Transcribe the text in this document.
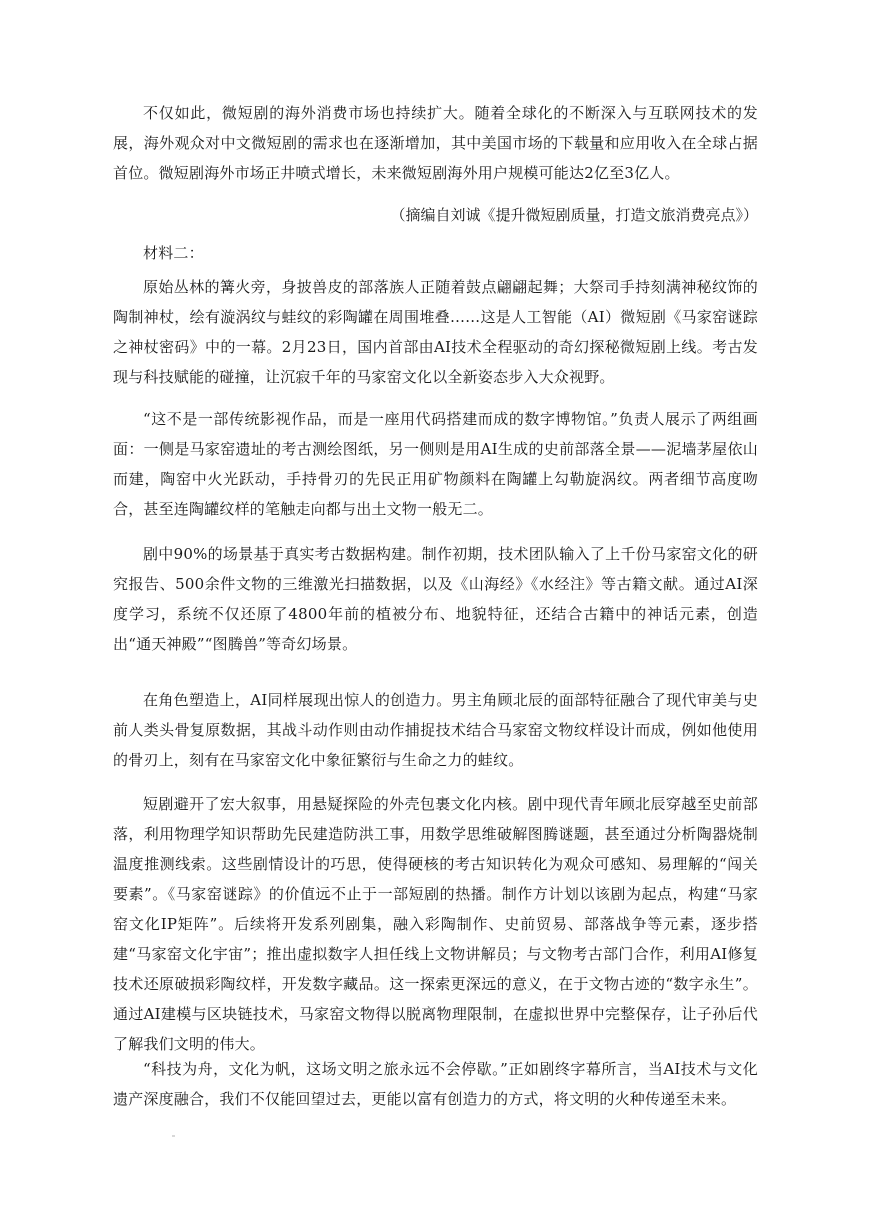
不仅如此，微短剧的海外消费市场也持续扩大。随着全球化的不断深入与互联网技术的发展，海外观众对中文微短剧的需求也在逐渐增加，其中美国市场的下载量和应用收入在全球占据首位。微短剧海外市场正井喷式增长，未来微短剧海外用户规模可能达2亿至3亿人。

（摘编自刘诚《提升微短剧质量，打造文旅消费亮点》）

材料二：

原始丛林的篝火旁，身披兽皮的部落族人正随着鼓点翩翩起舞；大祭司手持刻满神秘纹饰的陶制神杖，绘有漩涡纹与蛙纹的彩陶罐在周围堆叠……这是人工智能（AI）微短剧《马家窑谜踪之神杖密码》中的一幕。2月23日，国内首部由AI技术全程驱动的奇幻探秘微短剧上线。考古发现与科技赋能的碰撞，让沉寂千年的马家窑文化以全新姿态步入大众视野。

“这不是一部传统影视作品，而是一座用代码搭建而成的数字博物馆。”负责人展示了两组画面：一侧是马家窑遗址的考古测绘图纸，另一侧则是用AI生成的史前部落全景——泥墙茅屋依山而建，陶窑中火光跃动，手持骨刃的先民正用矿物颜料在陶罐上勾勒旋涡纹。两者细节高度吻合，甚至连陶罐纹样的笔触走向都与出土文物一般无二。

剧中90%的场景基于真实考古数据构建。制作初期，技术团队输入了上千份马家窑文化的研究报告、500余件文物的三维激光扫描数据，以及《山海经》《水经注》等古籍文献。通过AI深度学习，系统不仅还原了4800年前的植被分布、地貌特征，还结合古籍中的神话元素，创造出“通天神殿”“图腾兽”等奇幻场景。

在角色塑造上，AI同样展现出惊人的创造力。男主角顾北辰的面部特征融合了现代审美与史前人类头骨复原数据，其战斗动作则由动作捕捉技术结合马家窑文物纹样设计而成，例如他使用的骨刃上，刻有在马家窑文化中象征繁衍与生命之力的蛙纹。

短剧避开了宏大叙事，用悬疑探险的外壳包裹文化内核。剧中现代青年顾北辰穿越至史前部落，利用物理学知识帮助先民建造防洪工事，用数学思维破解图腾谜题，甚至通过分析陶器烧制温度推测线索。这些剧情设计的巧思，使得硬核的考古知识转化为观众可感知、易理解的“闯关要素”。《马家窑谜踪》的价值远不止于一部短剧的热播。制作方计划以该剧为起点，构建“马家窑文化IP矩阵”。后续将开发系列剧集，融入彩陶制作、史前贸易、部落战争等元素，逐步搭建“马家窑文化宇宙”；推出虚拟数字人担任线上文物讲解员；与文物考古部门合作，利用AI修复技术还原破损彩陶纹样，开发数字藏品。这一探索更深远的意义，在于文物古迹的“数字永生”。通过AI建模与区块链技术，马家窑文物得以脱离物理限制，在虚拟世界中完整保存，让子孙后代了解我们文明的伟大。

“科技为舟，文化为帆，这场文明之旅永远不会停歇。”正如剧终字幕所言，当AI技术与文化遗产深度融合，我们不仅能回望过去，更能以富有创造力的方式，将文明的火种传递至未来。
